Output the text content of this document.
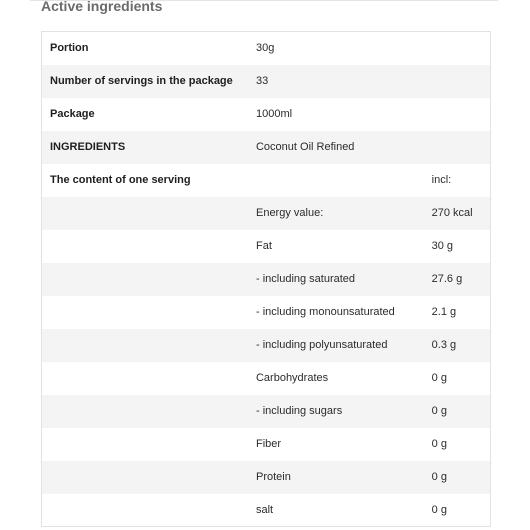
Active ingredients
Portion	30g	
Number of servings in the package	33	
Package	1000ml	
INGREDIENTS	Coconut Oil Refined	
The content of one serving		incl:
	Energy value:	270 kcal
	Fat	30 g
	- including saturated	27.6 g
	- including monounsaturated	2.1 g
	- including polyunsaturated	0.3 g
	Carbohydrates	0 g
	- including sugars	0 g
	Fiber	0 g
	Protein	0 g
	salt	0 g
